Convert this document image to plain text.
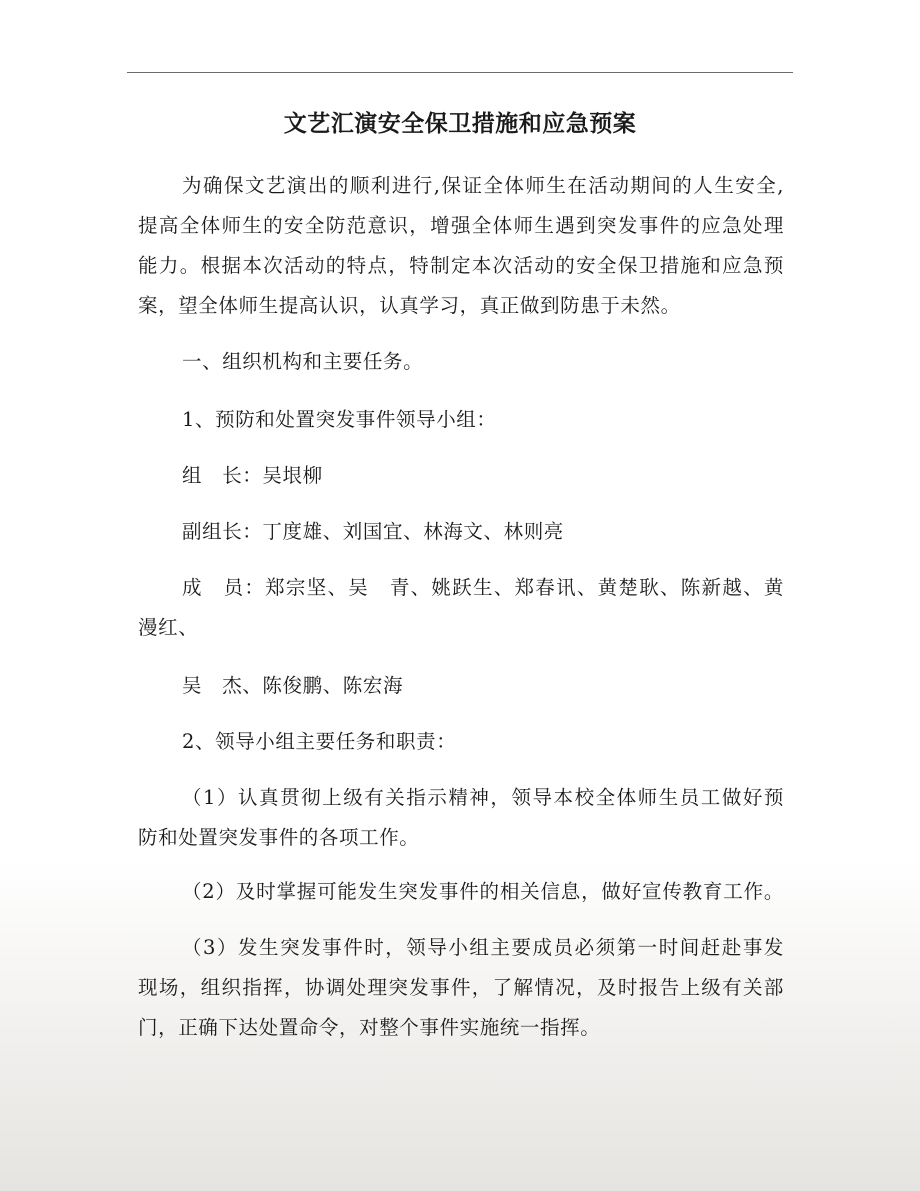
文艺汇演安全保卫措施和应急预案
为确保文艺演出的顺利进行,保证全体师生在活动期间的人生安全,
提高全体师生的安全防范意识，增强全体师生遇到突发事件的应急处理
能力。根据本次活动的特点，特制定本次活动的安全保卫措施和应急预
案，望全体师生提高认识，认真学习，真正做到防患于未然。
一、组织机构和主要任务。
1、预防和处置突发事件领导小组：
组　长：吴垠柳
副组长：丁度雄、刘国宜、林海文、林则亮
成　员：郑宗坚、吴　青、姚跃生、郑春讯、黄楚耿、陈新越、黄
漫红、
吴　杰、陈俊鹏、陈宏海
2、领导小组主要任务和职责：
（1）认真贯彻上级有关指示精神，领导本校全体师生员工做好预
防和处置突发事件的各项工作。
（2）及时掌握可能发生突发事件的相关信息，做好宣传教育工作。
（3）发生突发事件时，领导小组主要成员必须第一时间赶赴事发
现场，组织指挥，协调处理突发事件，了解情况，及时报告上级有关部
门，正确下达处置命令，对整个事件实施统一指挥。
